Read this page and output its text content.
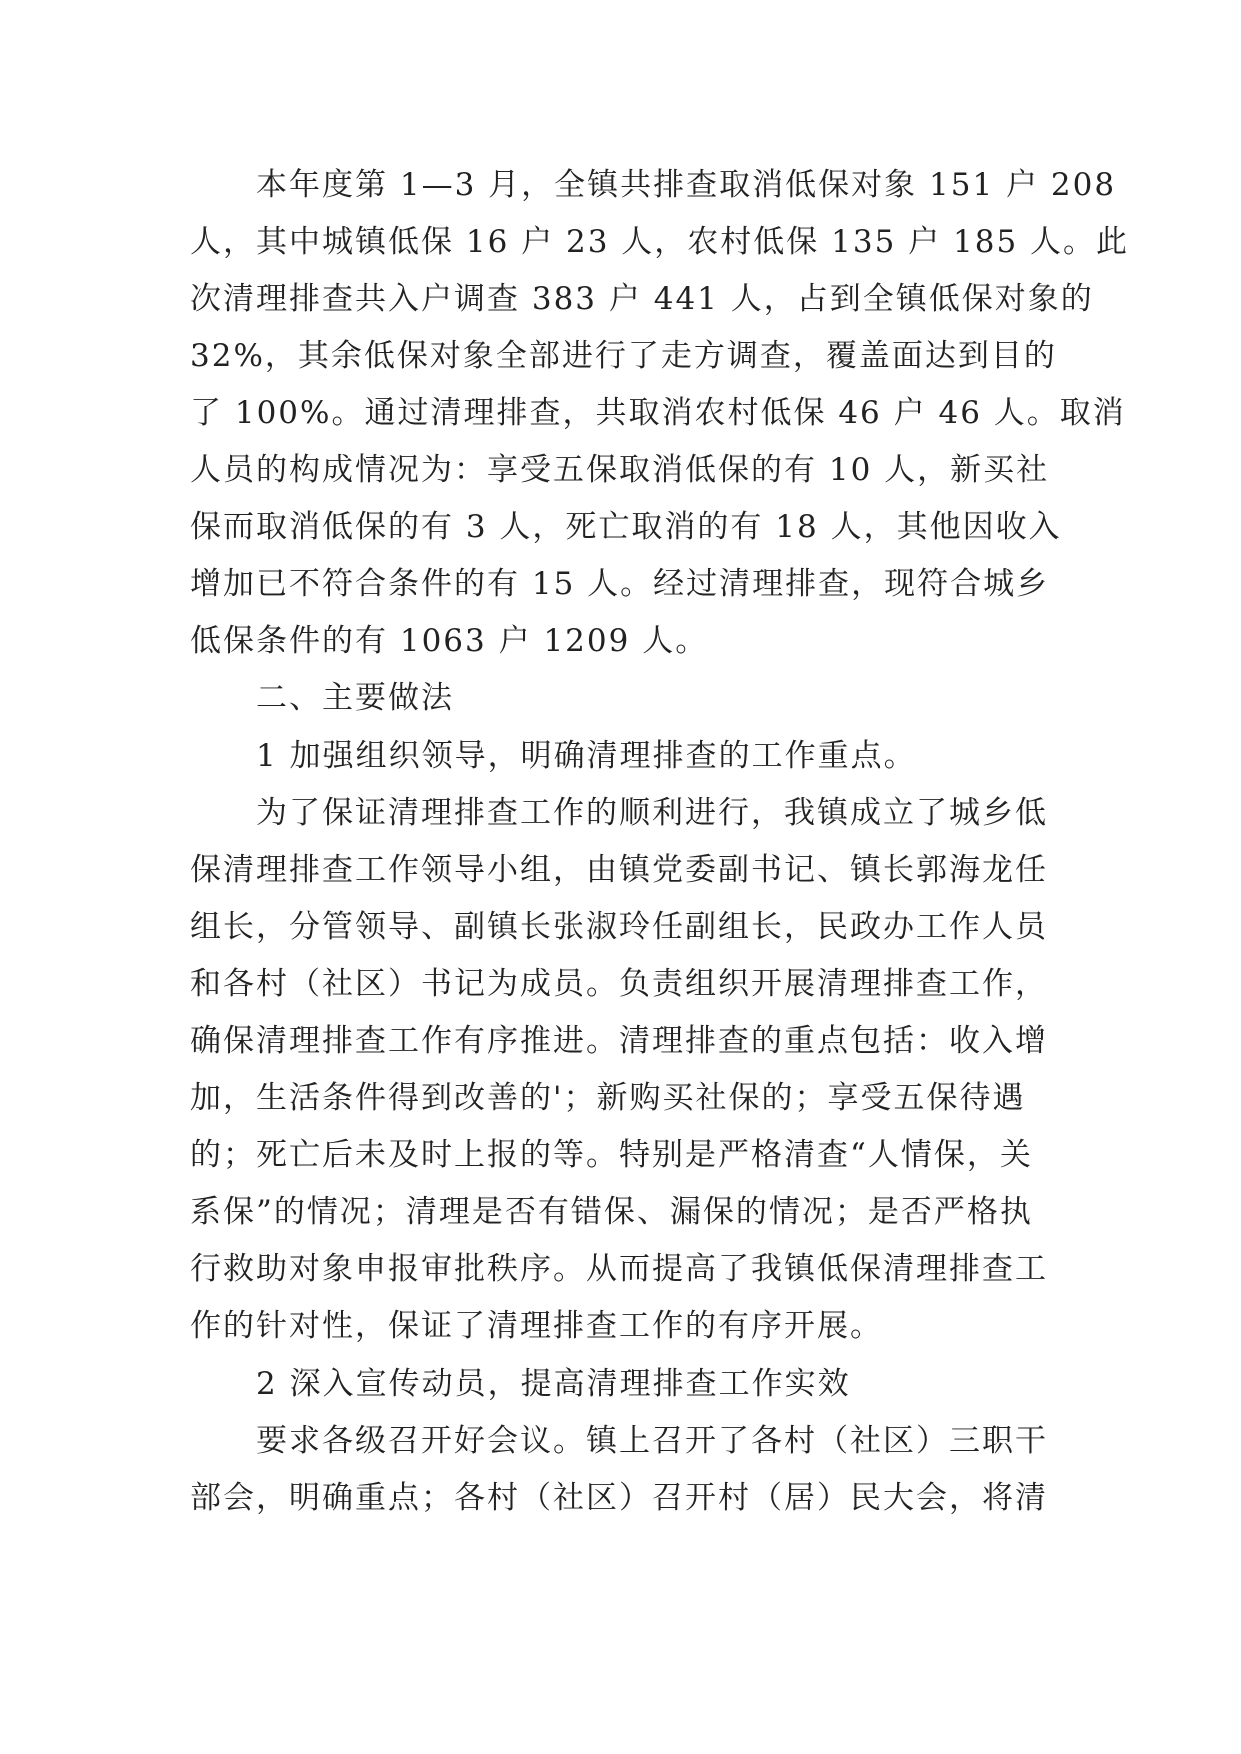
本年度第 1—3 月，全镇共排查取消低保对象 151 户 208
人，其中城镇低保 16 户 23 人，农村低保 135 户 185 人。此
次清理排查共入户调查 383 户 441 人，占到全镇低保对象的
32%，其余低保对象全部进行了走方调查，覆盖面达到目的
了 100%。通过清理排查，共取消农村低保 46 户 46 人。取消
人员的构成情况为：享受五保取消低保的有 10 人，新买社
保而取消低保的有 3 人，死亡取消的有 18 人，其他因收入
增加已不符合条件的有 15 人。经过清理排查，现符合城乡
低保条件的有 1063 户 1209 人。
二、主要做法
1 加强组织领导，明确清理排查的工作重点。
为了保证清理排查工作的顺利进行，我镇成立了城乡低
保清理排查工作领导小组，由镇党委副书记、镇长郭海龙任
组长，分管领导、副镇长张淑玲任副组长，民政办工作人员
和各村（社区）书记为成员。负责组织开展清理排查工作，
确保清理排查工作有序推进。清理排查的重点包括：收入增
加，生活条件得到改善的'；新购买社保的；享受五保待遇
的；死亡后未及时上报的等。特别是严格清查“人情保，关
系保”的情况；清理是否有错保、漏保的情况；是否严格执
行救助对象申报审批秩序。从而提高了我镇低保清理排查工
作的针对性，保证了清理排查工作的有序开展。
2 深入宣传动员，提高清理排查工作实效
要求各级召开好会议。镇上召开了各村（社区）三职干
部会，明确重点；各村（社区）召开村（居）民大会，将清
